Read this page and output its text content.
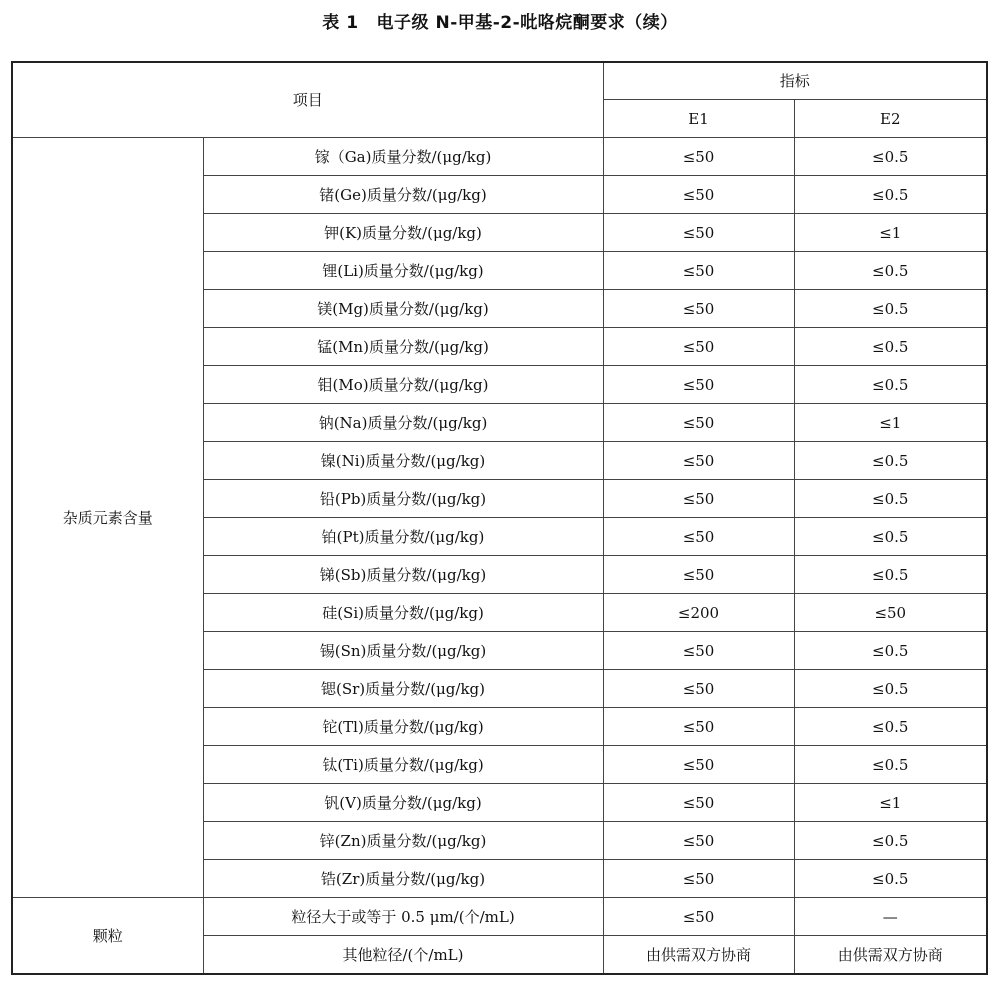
表 1 电子级 N-甲基-2-吡咯烷酮要求（续）
项目		指标	
		E1	E2
杂质元素含量	镓（Ga)质量分数/(μg/kg)	≤50	≤0.5
	锗(Ge)质量分数/(μg/kg)	≤50	≤0.5
	钾(K)质量分数/(μg/kg)	≤50	≤1
	锂(Li)质量分数/(μg/kg)	≤50	≤0.5
	镁(Mg)质量分数/(μg/kg)	≤50	≤0.5
	锰(Mn)质量分数/(μg/kg)	≤50	≤0.5
	钼(Mo)质量分数/(μg/kg)	≤50	≤0.5
	钠(Na)质量分数/(μg/kg)	≤50	≤1
	镍(Ni)质量分数/(μg/kg)	≤50	≤0.5
	铅(Pb)质量分数/(μg/kg)	≤50	≤0.5
	铂(Pt)质量分数/(μg/kg)	≤50	≤0.5
	锑(Sb)质量分数/(μg/kg)	≤50	≤0.5
	硅(Si)质量分数/(μg/kg)	≤200	≤50
	锡(Sn)质量分数/(μg/kg)	≤50	≤0.5
	锶(Sr)质量分数/(μg/kg)	≤50	≤0.5
	铊(Tl)质量分数/(μg/kg)	≤50	≤0.5
	钛(Ti)质量分数/(μg/kg)	≤50	≤0.5
	钒(V)质量分数/(μg/kg)	≤50	≤1
	锌(Zn)质量分数/(μg/kg)	≤50	≤0.5
	锆(Zr)质量分数/(μg/kg)	≤50	≤0.5
颗粒	粒径大于或等于 0.5 μm/(个/mL)	≤50	—
	其他粒径/(个/mL)	由供需双方协商	由供需双方协商
